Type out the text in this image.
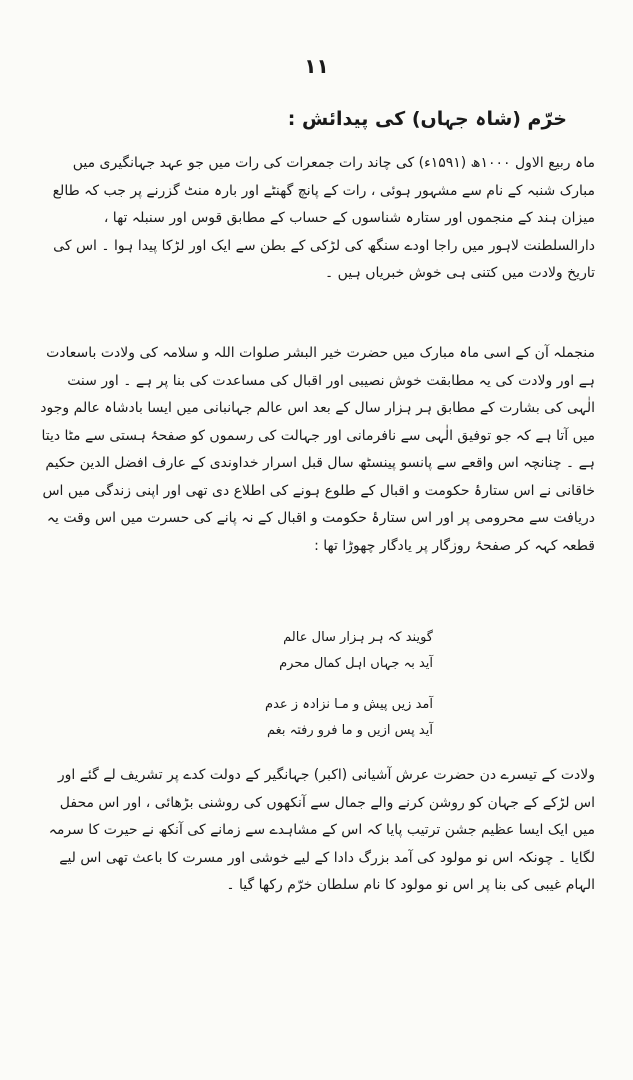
۱۱
خرّم (شاہ جہاں) کی پیدائش :

ماہ ربیع الاول ۱۰۰۰ھ (۱۵۹۱ء) کی چاند رات جمعرات کی رات میں جو عہد جہانگیری میں مبارک شنبہ کے نام سے مشہور ہوئی ، رات کے پانچ گھنٹے اور بارہ منٹ گزرنے پر جب کہ طالع میزان ہند کے منجموں اور ستارہ شناسوں کے حساب کے مطابق قوس اور سنبلہ تھا ، دارالسلطنت لاہور میں راجا اودے سنگھ کی لڑکی کے بطن سے ایک اور لڑکا پیدا ہوا ۔ اس کی تاریخ ولادت میں کتنی ہی خوش خبریاں ہیں ۔

منجملہ آن کے اسی ماہ مبارک میں حضرت خیر البشر صلوات اللہ و سلامہ کی ولادت باسعادت ہے اور ولادت کی یہ مطابقت خوش نصیبی اور اقبال کی مساعدت کی بنا پر ہے ۔ اور سنت الٰہی کی بشارت کے مطابق ہر ہزار سال کے بعد اس عالم جہانبانی میں ایسا بادشاہ عالم وجود میں آتا ہے کہ جو توفیق الٰہی سے نافرمانی اور جہالت کی رسموں کو صفحۂ ہستی سے مٹا دیتا ہے ۔ چنانچہ اس واقعے سے پانسو پینسٹھ سال قبل اسرار خداوندی کے عارف افضل الدین حکیم خاقانی نے اس ستارۂ حکومت و اقبال کے طلوع ہونے کی اطلاع دی تھی اور اپنی زندگی میں اس دریافت سے محرومی پر اور اس ستارۂ حکومت و اقبال کے نہ پانے کی حسرت میں اس وقت یہ قطعہ کہہ کر صفحۂ روزگار پر یادگار چھوڑا تھا :

گویند کہ ہر ہزار سال عالم
آید بہ جہاں اہل کمال محرم
آمد زیں پیش و مـا نزادہ ز عدم
آید پس ازیں و ما فرو رفتہ بغم

ولادت کے تیسرے دن حضرت عرش آشیانی (اکبر) جہانگیر کے دولت کدے پر تشریف لے گئے اور اس لڑکے کے جہان کو روشن کرنے والے جمال سے آنکھوں کی روشنی بڑھائی ، اور اس محفل میں ایک ایسا عظیم جشن ترتیب پایا کہ اس کے مشاہدے سے زمانے کی آنکھ نے حیرت کا سرمہ لگایا ۔ چونکہ اس نو مولود کی آمد بزرگ دادا کے لیے خوشی اور مسرت کا باعث تھی اس لیے الہام غیبی کی بنا پر اس نو مولود کا نام سلطان خرّم رکھا گیا ۔
